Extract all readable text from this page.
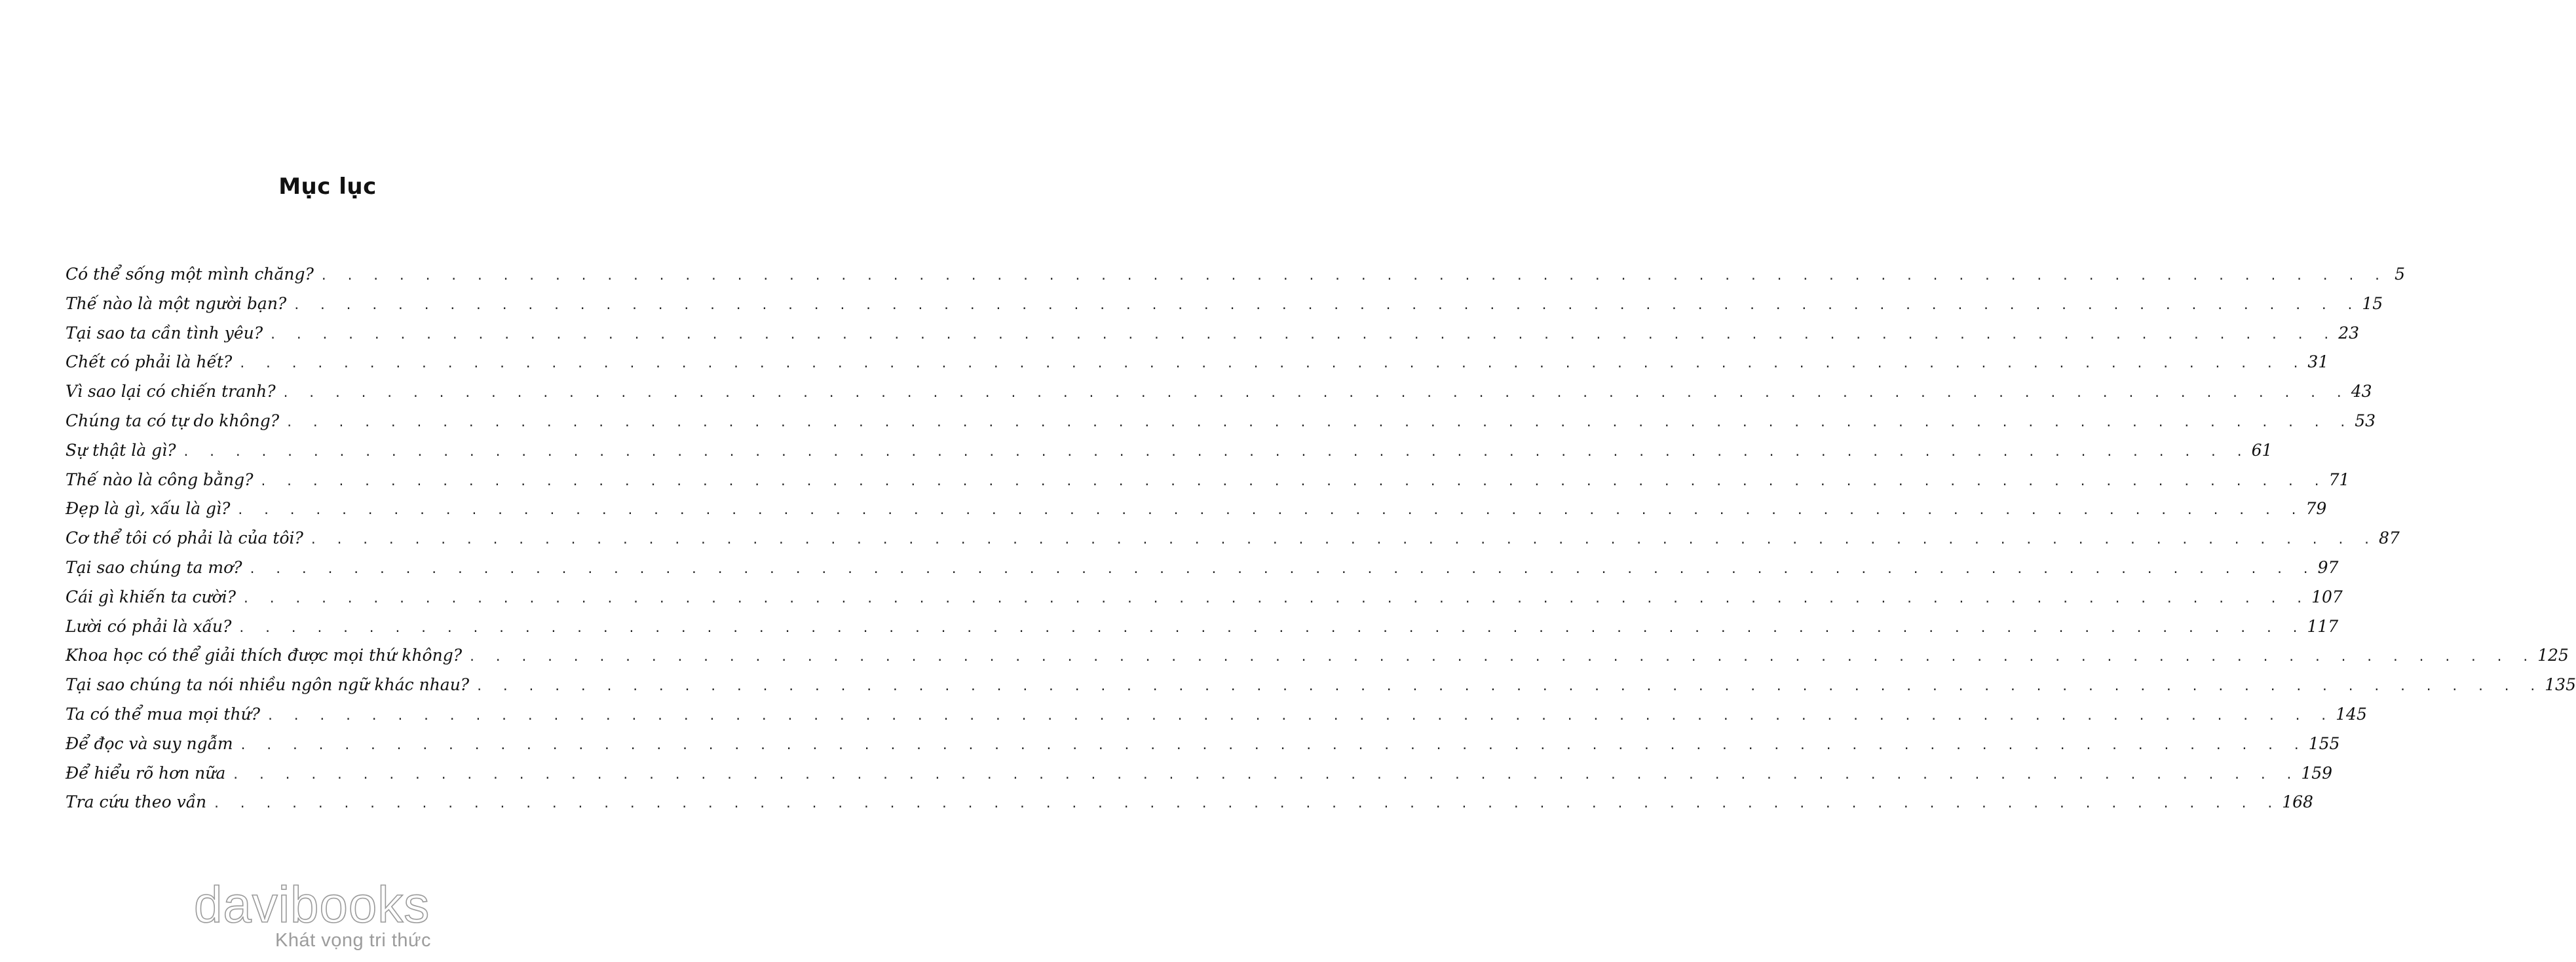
Mục lục
Có thể sống một mình chăng? . . . . . . . . . . . . . . . . . . . . . . . . . . . . . . . . . . . . . . . . . . . . . . . . . . . . . . . . . . . . . . . . . . . . . . . . . . . . . . . . 5
Thế nào là một người bạn? . . . . . . . . . . . . . . . . . . . . . . . . . . . . . . . . . . . . . . . . . . . . . . . . . . . . . . . . . . . . . . . . . . . . . . . . . . . . . . . . 15
Tại sao ta cần tình yêu? . . . . . . . . . . . . . . . . . . . . . . . . . . . . . . . . . . . . . . . . . . . . . . . . . . . . . . . . . . . . . . . . . . . . . . . . . . . . . . . . 23
Chết có phải là hết? . . . . . . . . . . . . . . . . . . . . . . . . . . . . . . . . . . . . . . . . . . . . . . . . . . . . . . . . . . . . . . . . . . . . . . . . . . . . . . . . 31
Vì sao lại có chiến tranh? . . . . . . . . . . . . . . . . . . . . . . . . . . . . . . . . . . . . . . . . . . . . . . . . . . . . . . . . . . . . . . . . . . . . . . . . . . . . . . . . 43
Chúng ta có tự do không? . . . . . . . . . . . . . . . . . . . . . . . . . . . . . . . . . . . . . . . . . . . . . . . . . . . . . . . . . . . . . . . . . . . . . . . . . . . . . . . . 53
Sự thật là gì? . . . . . . . . . . . . . . . . . . . . . . . . . . . . . . . . . . . . . . . . . . . . . . . . . . . . . . . . . . . . . . . . . . . . . . . . . . . . . . . . 61
Thế nào là công bằng? . . . . . . . . . . . . . . . . . . . . . . . . . . . . . . . . . . . . . . . . . . . . . . . . . . . . . . . . . . . . . . . . . . . . . . . . . . . . . . . . 71
Đẹp là gì, xấu là gì? . . . . . . . . . . . . . . . . . . . . . . . . . . . . . . . . . . . . . . . . . . . . . . . . . . . . . . . . . . . . . . . . . . . . . . . . . . . . . . . . 79
Cơ thể tôi có phải là của tôi? . . . . . . . . . . . . . . . . . . . . . . . . . . . . . . . . . . . . . . . . . . . . . . . . . . . . . . . . . . . . . . . . . . . . . . . . . . . . . . . . 87
Tại sao chúng ta mơ? . . . . . . . . . . . . . . . . . . . . . . . . . . . . . . . . . . . . . . . . . . . . . . . . . . . . . . . . . . . . . . . . . . . . . . . . . . . . . . . . 97
Cái gì khiến ta cười? . . . . . . . . . . . . . . . . . . . . . . . . . . . . . . . . . . . . . . . . . . . . . . . . . . . . . . . . . . . . . . . . . . . . . . . . . . . . . . . . 107
Lười có phải là xấu? . . . . . . . . . . . . . . . . . . . . . . . . . . . . . . . . . . . . . . . . . . . . . . . . . . . . . . . . . . . . . . . . . . . . . . . . . . . . . . . . 117
Khoa học có thể giải thích được mọi thứ không? . . . . . . . . . . . . . . . . . . . . . . . . . . . . . . . . . . . . . . . . . . . . . . . . . . . . . . . . . . . . . . . . . . . . . . . . . . . . . . . . 125
Tại sao chúng ta nói nhiều ngôn ngữ khác nhau? . . . . . . . . . . . . . . . . . . . . . . . . . . . . . . . . . . . . . . . . . . . . . . . . . . . . . . . . . . . . . . . . . . . . . . . . . . . . . . . . 135
Ta có thể mua mọi thứ? . . . . . . . . . . . . . . . . . . . . . . . . . . . . . . . . . . . . . . . . . . . . . . . . . . . . . . . . . . . . . . . . . . . . . . . . . . . . . . . . 145
Để đọc và suy ngẫm . . . . . . . . . . . . . . . . . . . . . . . . . . . . . . . . . . . . . . . . . . . . . . . . . . . . . . . . . . . . . . . . . . . . . . . . . . . . . . . . 155
Để hiểu rõ hơn nữa . . . . . . . . . . . . . . . . . . . . . . . . . . . . . . . . . . . . . . . . . . . . . . . . . . . . . . . . . . . . . . . . . . . . . . . . . . . . . . . . 159
Tra cứu theo vần . . . . . . . . . . . . . . . . . . . . . . . . . . . . . . . . . . . . . . . . . . . . . . . . . . . . . . . . . . . . . . . . . . . . . . . . . . . . . . . . 168
davibooks
Khát vọng tri thức
